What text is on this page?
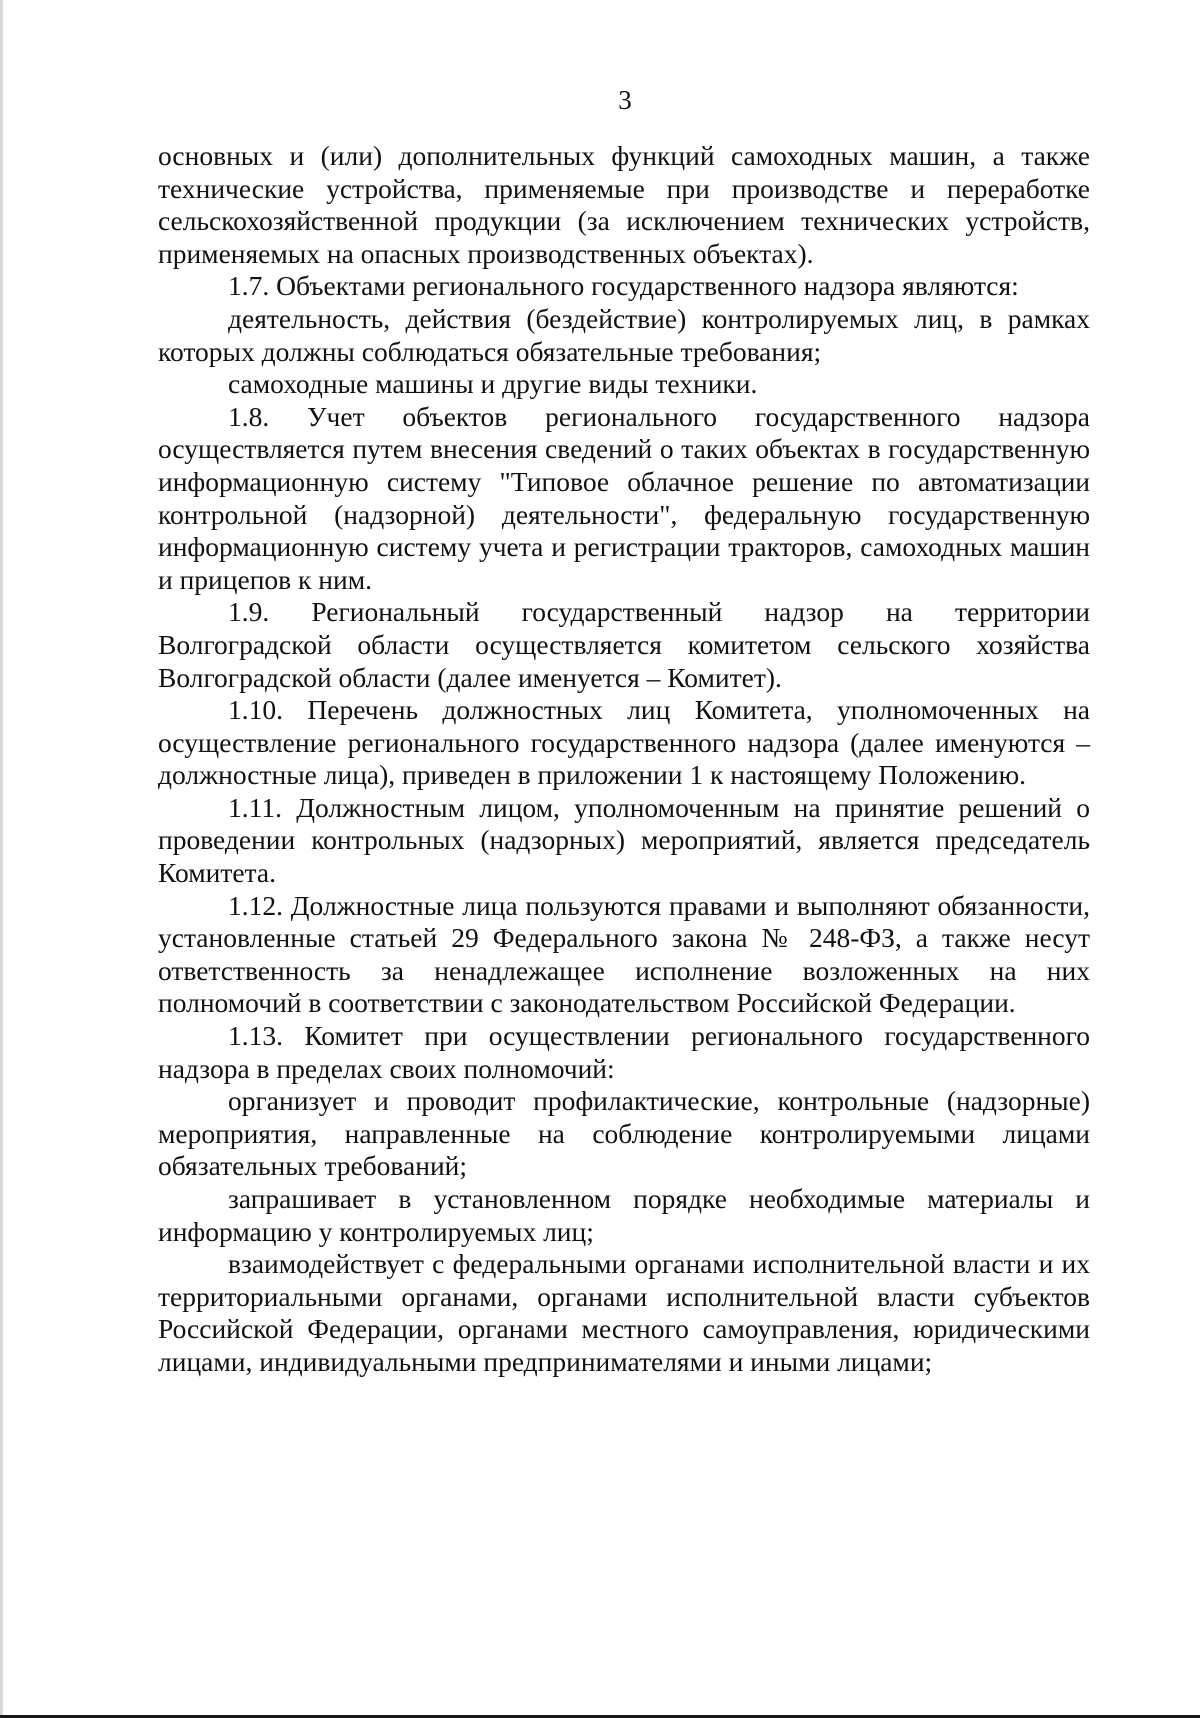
3

основных и (или) дополнительных функций самоходных машин, а также технические устройства, применяемые при производстве и переработке сельскохозяйственной продукции (за исключением технических устройств, применяемых на опасных производственных объектах).

1.7. Объектами регионального государственного надзора являются:

деятельность, действия (бездействие) контролируемых лиц, в рамках которых должны соблюдаться обязательные требования;

самоходные машины и другие виды техники.

1.8. Учет объектов регионального государственного надзора осуществляется путем внесения сведений о таких объектах в государственную информационную систему "Типовое облачное решение по автоматизации контрольной (надзорной) деятельности", федеральную государственную информационную систему учета и регистрации тракторов, самоходных машин и прицепов к ним.

1.9. Региональный государственный надзор на территории Волгоградской области осуществляется комитетом сельского хозяйства Волгоградской области (далее именуется – Комитет).

1.10. Перечень должностных лиц Комитета, уполномоченных на осуществление регионального государственного надзора (далее именуются – должностные лица), приведен в приложении 1 к настоящему Положению.

1.11. Должностным лицом, уполномоченным на принятие решений о проведении контрольных (надзорных) мероприятий, является председатель Комитета.

1.12. Должностные лица пользуются правами и выполняют обязанности, установленные статьей 29 Федерального закона № 248-ФЗ, а также несут ответственность за ненадлежащее исполнение возложенных на них полномочий в соответствии с законодательством Российской Федерации.

1.13. Комитет при осуществлении регионального государственного надзора в пределах своих полномочий:

организует и проводит профилактические, контрольные (надзорные) мероприятия, направленные на соблюдение контролируемыми лицами обязательных требований;

запрашивает в установленном порядке необходимые материалы и информацию у контролируемых лиц;

взаимодействует с федеральными органами исполнительной власти и их территориальными органами, органами исполнительной власти субъектов Российской Федерации, органами местного самоуправления, юридическими лицами, индивидуальными предпринимателями и иными лицами;
